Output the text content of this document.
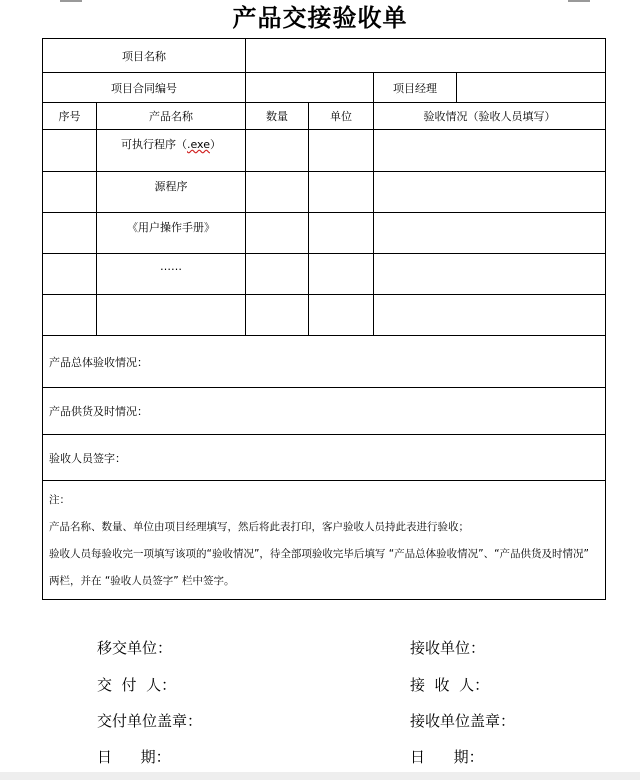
产品交接验收单
项目名称					
项目合同编号				项目经理	
序号	产品名称	数量	单位	验收情况（验收人员填写）	
	可执行程序（.exe）				
	源程序				
	《用户操作手册》				
	……				

产品总体验收情况：					
产品供货及时情况：					
验收人员签字：					

注：
产品名称、数量、单位由项目经理填写，然后将此表打印，客户验收人员持此表进行验收；
验收人员每验收完一项填写该项的“验收情况”，待全部项验收完毕后填写 “产品总体验收情况”、“产品供货及时情况”
两栏，并在 “验收人员签字” 栏中签字。					
移交单位：
交  付  人：
交付单位盖章：
日      期：
接收单位：
接  收  人：
接收单位盖章：
日      期：
